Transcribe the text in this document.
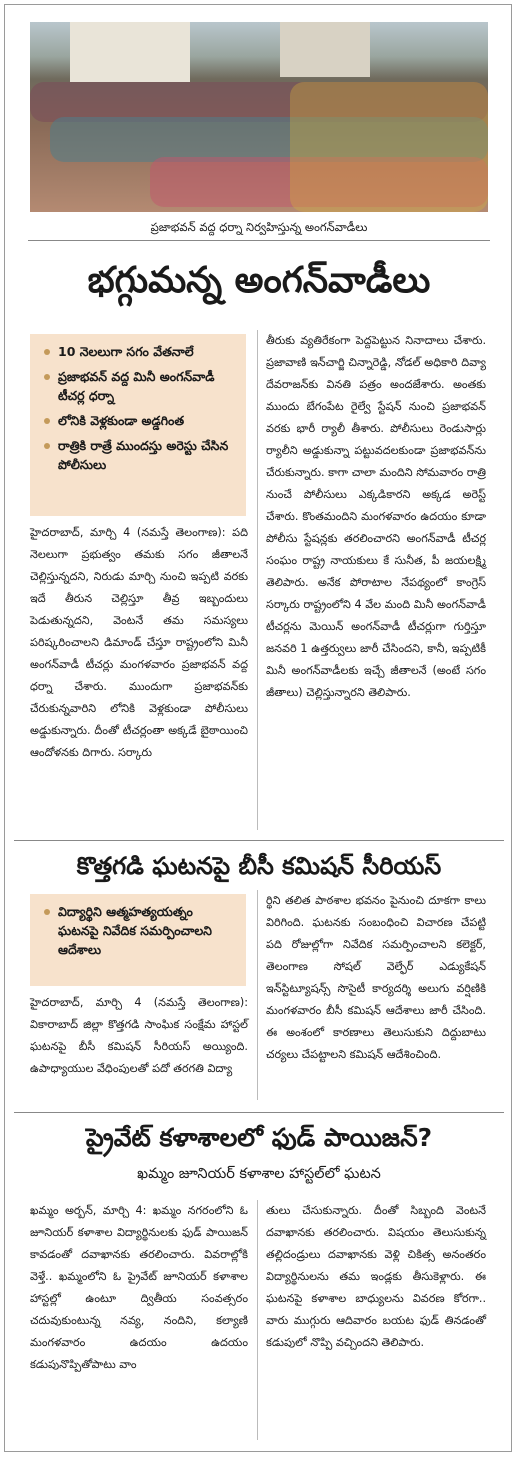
ప్రజాభవన్ వద్ద ధర్నా నిర్వహిస్తున్న అంగన్‌వాడీలు
భగ్గుమన్న అంగన్‌వాడీలు
10 నెలలుగా సగం వేతనాలే
ప్రజాభవన్ వద్ద మినీ అంగన్‌వాడీ టీచర్ల ధర్నా
లోనికి వెళ్లకుండా అడ్డగింత
రాత్రికి రాత్రే ముందస్తు అరెస్టు చేసిన పోలీసులు

హైదరాబాద్, మార్చి 4 (నమస్తే తెలంగాణ): పది నెలలుగా ప్రభుత్వం తమకు సగం జీతాలనే చెల్లిస్తున్నదని, నిరుడు మార్చి నుంచి ఇప్పటి వరకు ఇదే తీరున చెల్లిస్తూ తీవ్ర ఇబ్బందులు పెడుతున్నదని, వెంటనే తమ సమస్యలు పరిష్కరించాలని డిమాండ్ చేస్తూ రాష్ట్రంలోని మినీ అంగన్‌వాడీ టీచర్లు మంగళవారం ప్రజాభవన్ వద్ద ధర్నా చేశారు. ముందుగా ప్రజాభవన్‌కు చేరుకున్నవారిని లోనికి వెళ్లకుండా పోలీసులు అడ్డుకున్నారు. దీంతో టీచర్లంతా అక్కడే బైఠాయించి ఆందోళనకు దిగారు. సర్కారు

తీరుకు వ్యతిరేకంగా పెద్దపెట్టున నినాదాలు చేశారు. ప్రజావాణి ఇన్‌చార్జి చిన్నారెడ్డి, నోడల్ అధికారి దివ్యా దేవరాజన్‌కు వినతి పత్రం అందజేశారు. అంతకు ముందు బేగంపేట రైల్వే స్టేషన్ నుంచి ప్రజాభవన్ వరకు భారీ ర్యాలీ తీశారు. పోలీసులు రెండుసార్లు ర్యాలీని అడ్డుకున్నా పట్టువదలకుండా ప్రజాభవన్‌ను చేరుకున్నారు. కాగా చాలా మందిని సోమవారం రాత్రి నుంచే పోలీసులు ఎక్కడికారని అక్కడ అరెస్ట్ చేశారు. కొంతమందిని మంగళవారం ఉదయం కూడా పోలీసు స్టేషన్లకు తరలించారని అంగన్‌వాడీ టీచర్ల సంఘం రాష్ట్ర నాయకులు కే సునీత, పీ జయలక్ష్మి తెలిపారు. అనేక పోరాటాల నేపథ్యంలో కాంగ్రెస్ సర్కారు రాష్ట్రంలోని 4 వేల మంది మినీ అంగన్‌వాడీ టీచర్లను మెయిన్ అంగన్‌వాడీ టీచర్లుగా గుర్తిస్తూ జనవరి 1 ఉత్తర్వులు జారీ చేసిందని, కానీ, ఇప్పటికీ మినీ అంగన్‌వాడీలకు ఇచ్చే జీతాలనే (అంటే సగం జీతాలు) చెల్లిస్తున్నారని తెలిపారు.

కొత్తగడి ఘటనపై బీసీ కమిషన్ సీరియస్
విద్యార్థిని ఆత్మహత్యయత్నం ఘటనపై నివేదిక సమర్పించాలని ఆదేశాలు

హైదరాబాద్, మార్చి 4 (నమస్తే తెలంగాణ): వికారాబాద్ జిల్లా కొత్తగడి సాంఘిక సంక్షేమ హాస్టల్ ఘటనపై బీసీ కమిషన్ సీరియస్ అయ్యింది. ఉపాధ్యాయుల వేధింపులతో పదో తరగతి విద్యా

ర్థిని తలిత పాఠశాల భవనం పైనుంచి దూకగా కాలు విరిగింది. ఘటనకు సంబంధించి విచారణ చేపట్టి పది రోజుల్లోగా నివేదిక సమర్పించాలని కలెక్టర్, తెలంగాణ సోషల్ వెల్ఫేర్ ఎడ్యుకేషన్ ఇన్‌స్టిట్యూషన్స్ సొసైటీ కార్యదర్శి అలుగు వర్షిణికి మంగళవారం బీసీ కమిషన్ ఆదేశాలు జారీ చేసింది. ఈ అంశంలో కారణాలు తెలుసుకుని దిద్దుబాటు చర్యలు చేపట్టాలని కమిషన్ ఆదేశించింది.

ప్రైవేట్ కళాశాలలో ఫుడ్ పాయిజన్?
ఖమ్మం జూనియర్ కళాశాల హాస్టల్‌లో ఘటన

ఖమ్మం అర్బన్, మార్చి 4: ఖమ్మం నగరంలోని ఓ జూనియర్ కళాశాల విద్యార్థినులకు ఫుడ్ పాయిజన్ కావడంతో దవాఖానకు తరలించారు. వివరాల్లోకి వెళ్తే.. ఖమ్మంలోని ఓ ప్రైవేట్ జూనియర్ కళాశాల హాస్టల్లో ఉంటూ ద్వితీయ సంవత్సరం చదువుకుంటున్న నవ్య, నందిని, కల్యాణి మంగళవారం ఉదయం ఉదయం కడుపునొప్పితోపాటు వాం

తులు చేసుకున్నారు. దీంతో సిబ్బంది వెంటనే దవాఖానకు తరలించారు. విషయం తెలుసుకున్న తల్లిదండ్రులు దవాఖానకు వెళ్లి చికిత్స అనంతరం విద్యార్థినులను తమ ఇండ్లకు తీసుకెళ్లారు. ఈ ఘటనపై కళాశాల బాధ్యులను వివరణ కోరగా.. వారు ముగ్గురు ఆదివారం బయట ఫుడ్ తినడంతో కడుపులో నొప్పి వచ్చిందని తెలిపారు.
